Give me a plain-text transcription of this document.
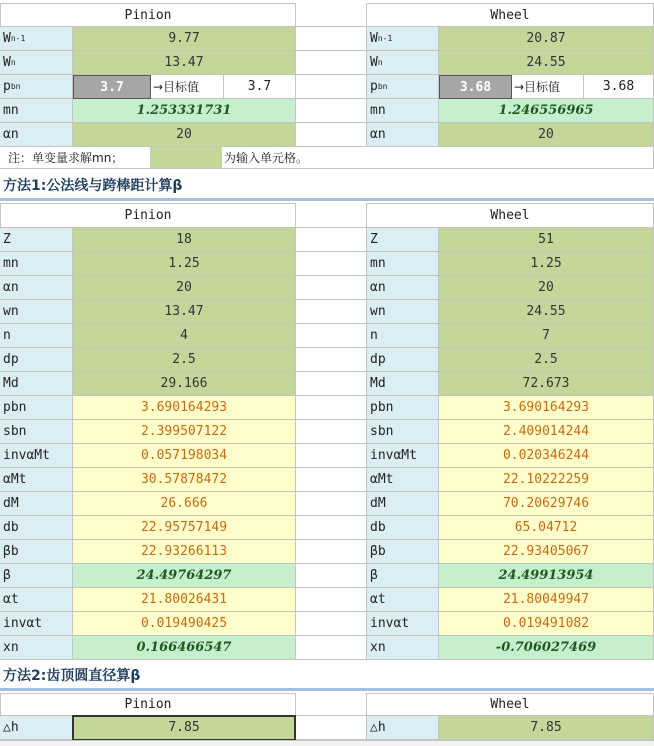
Pinion	Wheel
W n-1	9.77	W n-1	20.87
W n	13.47	W n	24.55
p bn	3.7	→目标值	3.7	p bn	3.68	→目标值	3.68
mn	1.253331731	mn	1.246556965
αn	20	αn	20
注：单变量求解mn；	为输入单元格。
方法1:公法线与跨棒距计算β
Pinion	Wheel
Z	18	Z	51
mn	1.25	mn	1.25
αn	20	αn	20
wn	13.47	wn	24.55
n	4	n	7
dp	2.5	dp	2.5
Md	29.166	Md	72.673
pbn	3.690164293	pbn	3.690164293
sbn	2.399507122	sbn	2.409014244
invαMt	0.057198034	invαMt	0.020346244
αMt	30.57878472	αMt	22.10222259
dM	26.666	dM	70.20629746
db	22.95757149	db	65.04712
βb	22.93266113	βb	22.93405067
β	24.49764297	β	24.49913954
αt	21.80026431	αt	21.80049947
invαt	0.019490425	invαt	0.019491082
xn	0.166466547	xn	-0.706027469
方法2:齿顶圆直径算β
Pinion	Wheel
△h	7.85	△h	7.85
